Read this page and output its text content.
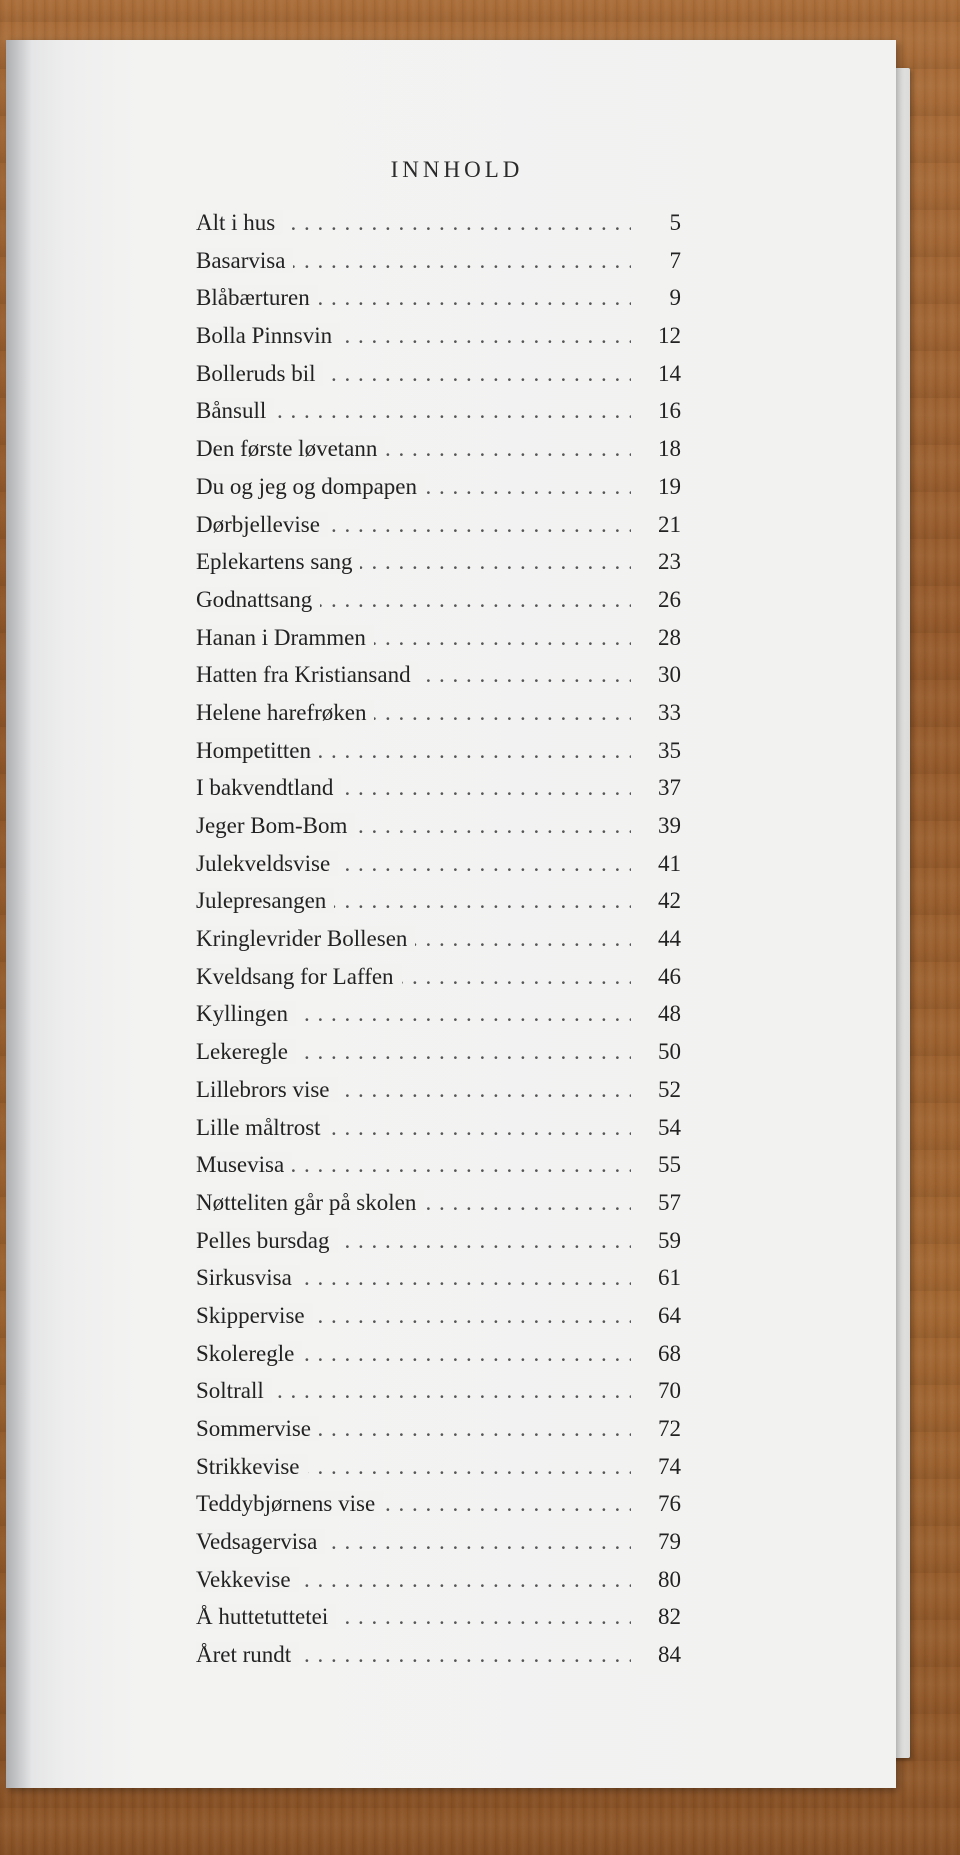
INNHOLD
. . . Alt i hus	5
. . . Basarvisa	7
. . . Blåbærturen	9
. . . Bolla Pinnsvin	12
. . . Bolleruds bil	14
. . . Bånsull	16
. . . Den første løvetann	18
. . . Du og jeg og dompapen	19
. . . Dørbjellevise	21
. . . Eplekartens sang	23
. . . Godnattsang	26
. . . Hanan i Drammen	28
. . . Hatten fra Kristiansand	30
. . . Helene harefrøken	33
. . . Hompetitten	35
. . . I bakvendtland	37
. . . Jeger Bom-Bom	39
. . . Julekveldsvise	41
. . . Julepresangen	42
. . . Kringlevrider Bollesen	44
. . . Kveldsang for Laffen	46
. . . Kyllingen	48
. . . Lekeregle	50
. . . Lillebrors vise	52
. . . Lille måltrost	54
. . . Musevisa	55
. . . Nøtteliten går på skolen	57
. . . Pelles bursdag	59
. . . Sirkusvisa	61
. . . Skippervise	64
. . . Skoleregle	68
. . . Soltrall	70
. . . Sommervise	72
. . . Strikkevise	74
. . . Teddybjørnens vise	76
. . . Vedsagervisa	79
. . . Vekkevise	80
. . . Å huttetuttetei	82
. . . Året rundt	84
